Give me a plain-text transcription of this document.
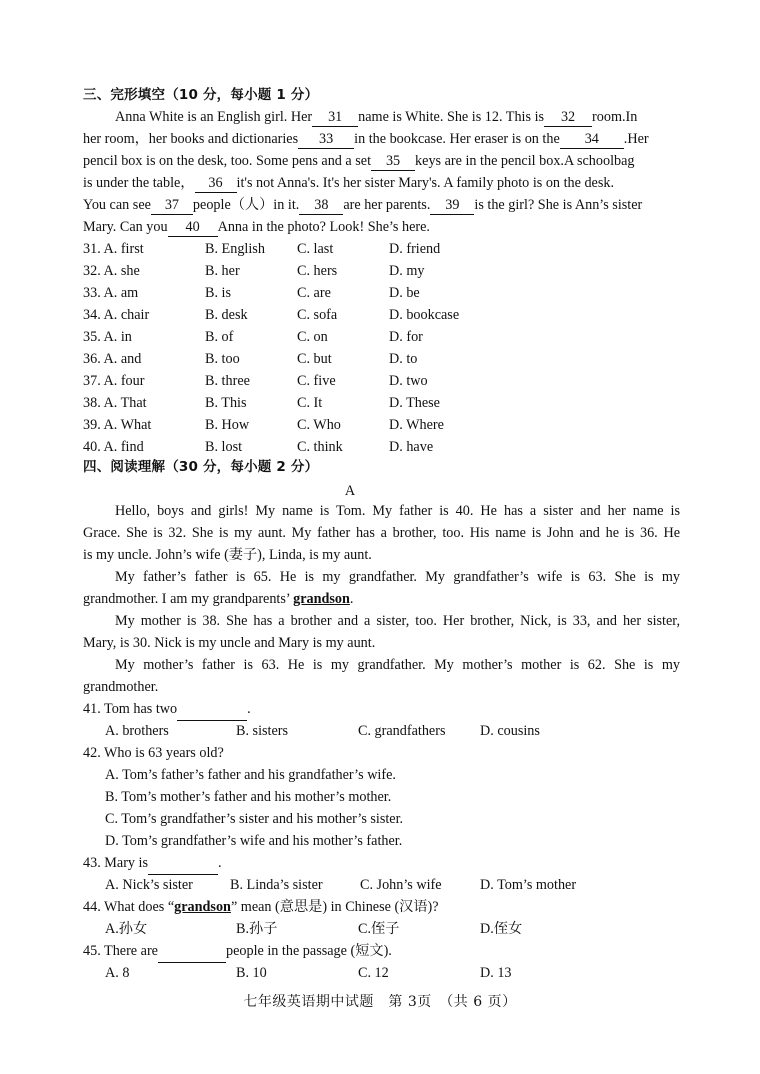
三、完形填空（10 分，每小题 1 分）
Anna White is an English girl. Her 31 name is White. She is 12. This is 32 room.In
her room，her books and dictionaries 33 in the bookcase. Her eraser is on the 34 .Her
pencil box is on the desk, too. Some pens and a set 35 keys are in the pencil box.A schoolbag
is under the table， 36 it's not Anna's. It's her sister Mary's. A family photo is on the desk.
You can see 37 people（人）in it. 38 are her parents. 39 is the girl? She is Ann’s sister
Mary. Can you 40 Anna in the photo? Look! She’s here.
31. A. first	B. English C. last	D. friend
32. A. she	B. her	C. hers	D. my
33. A. am	B. is	C. are	D. be
34. A. chair	B. desk	C. sofa	D. bookcase
35. A. in	B. of	C. on	D. for
36. A. and	B. too	C. but	D. to
37. A. four	B. three	C. five	D. two
38. A. That	B. This	C. It	D. These
39. A. What	B. How	C. Who	D. Where
40. A. find	B. lost	C. think	D. have
四、阅读理解（30 分，每小题 2 分）
A
Hello, boys and girls! My name is Tom. My father is 40. He has a sister and her name is
Grace. She is 32. She is my aunt. My father has a brother, too. His name is John and he is 36. He
is my uncle. John’s wife (妻子), Linda, is my aunt.
My father’s father is 65. He is my grandfather. My grandfather’s wife is 63. She is my
grandmother. I am my grandparents’ grandson.
My mother is 38. She has a brother and a sister, too. Her brother, Nick, is 33, and her sister,
Mary, is 30. Nick is my uncle and Mary is my aunt.
My mother’s father is 63. He is my grandfather. My mother’s mother is 62. She is my
grandmother.
41. Tom has two	.
A. brothers	B. sisters	C. grandfathers D. cousins
42. Who is 63 years old?
A. Tom’s father’s father and his grandfather’s wife.
B. Tom’s mother’s father and his mother’s mother.
C. Tom’s grandfather’s sister and his mother’s sister.
D. Tom’s grandfather’s wife and his mother’s father.
43. Mary is	.
A. Nick’s sister	B. Linda’s sister	C. John’s wife	D. Tom’s mother
44. What does “grandson” mean (意思是) in Chinese (汉语)?
A.孙女	B.孙子	C.侄子	D.侄女
45. There are	people in the passage (短文).
A. 8	B. 10	C. 12	D. 13
七年级英语期中试题　第 3页　（共 6 页）
